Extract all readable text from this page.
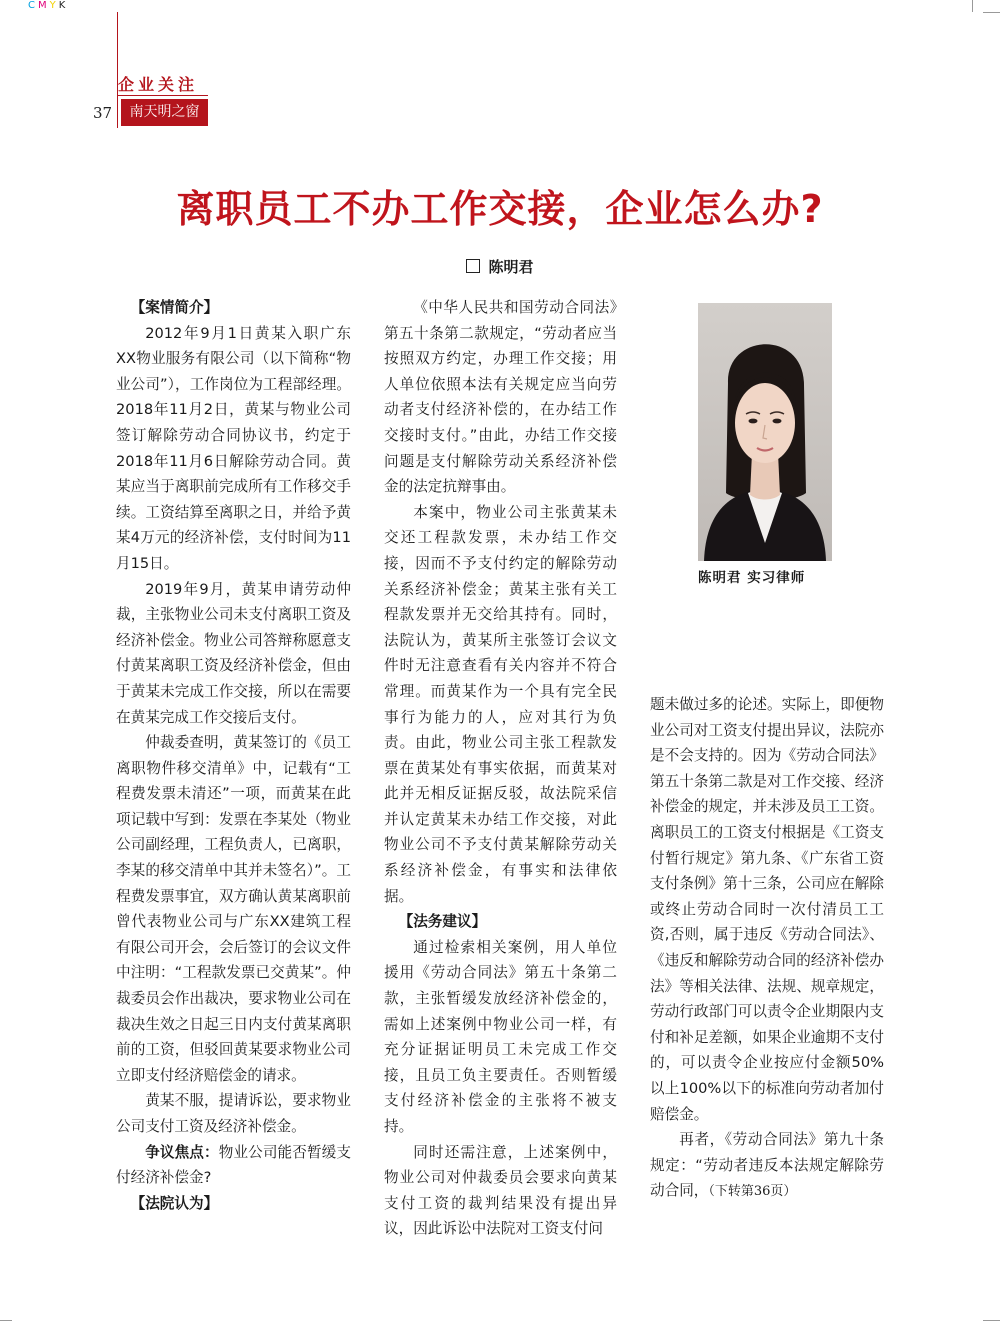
CMYK
企业关注
37	南天明之窗
离职员工不办工作交接，企业怎么办?
陈明君

【案情简介】

2012年9月1日黄某入职广东XX物业服务有限公司（以下简称“物业公司”），工作岗位为工程部经理。2018年11月2日，黄某与物业公司签订解除劳动合同协议书，约定于2018年11月6日解除劳动合同。黄某应当于离职前完成所有工作移交手续。工资结算至离职之日，并给予黄某4万元的经济补偿，支付时间为11月15日。

2019年9月，黄某申请劳动仲裁，主张物业公司未支付离职工资及经济补偿金。物业公司答辩称愿意支付黄某离职工资及经济补偿金，但由于黄某未完成工作交接，所以在需要在黄某完成工作交接后支付。

仲裁委查明，黄某签订的《员工离职物件移交清单》中，记载有“工程费发票未清还”一项，而黄某在此项记载中写到：发票在李某处（物业公司副经理，工程负责人，已离职，李某的移交清单中其并未签名）”。工程费发票事宜，双方确认黄某离职前曾代表物业公司与广东XX建筑工程有限公司开会，会后签订的会议文件中注明：“工程款发票已交黄某”。仲裁委员会作出裁决，要求物业公司在裁决生效之日起三日内支付黄某离职前的工资，但驳回黄某要求物业公司立即支付经济赔偿金的请求。

黄某不服，提请诉讼，要求物业公司支付工资及经济补偿金。

争议焦点：物业公司能否暂缓支付经济补偿金?

【法院认为】

《中华人民共和国劳动合同法》第五十条第二款规定，“劳动者应当按照双方约定，办理工作交接；用人单位依照本法有关规定应当向劳动者支付经济补偿的，在办结工作交接时支付。”由此，办结工作交接问题是支付解除劳动关系经济补偿金的法定抗辩事由。

本案中，物业公司主张黄某未交还工程款发票，未办结工作交接，因而不予支付约定的解除劳动关系经济补偿金；黄某主张有关工程款发票并无交给其持有。同时，法院认为，黄某所主张签订会议文件时无注意查看有关内容并不符合常理。而黄某作为一个具有完全民事行为能力的人，应对其行为负责。由此，物业公司主张工程款发票在黄某处有事实依据，而黄某对此并无相反证据反驳，故法院采信并认定黄某未办结工作交接，对此物业公司不予支付黄某解除劳动关系经济补偿金，有事实和法律依据。

【法务建议】

通过检索相关案例，用人单位援用《劳动合同法》第五十条第二款，主张暂缓发放经济补偿金的，需如上述案例中物业公司一样，有充分证据证明员工未完成工作交接，且员工负主要责任。否则暂缓支付经济补偿金的主张将不被支持。

同时还需注意，上述案例中，物业公司对仲裁委员会要求向黄某支付工资的裁判结果没有提出异议，因此诉讼中法院对工资支付问

陈明君 实习律师

题未做过多的论述。实际上，即便物业公司对工资支付提出异议，法院亦是不会支持的。因为《劳动合同法》第五十条第二款是对工作交接、经济补偿金的规定，并未涉及员工工资。离职员工的工资支付根据是《工资支付暂行规定》第九条、《广东省工资支付条例》第十三条，公司应在解除或终止劳动合同时一次付清员工工资,否则，属于违反《劳动合同法》、《违反和解除劳动合同的经济补偿办法》等相关法律、法规、规章规定，劳动行政部门可以责令企业期限内支付和补足差额，如果企业逾期不支付的，可以责令企业按应付金额50%以上100%以下的标准向劳动者加付赔偿金。

再者，《劳动合同法》第九十条规定：“劳动者违反本法规定解除劳动合同，（下转第36页）
